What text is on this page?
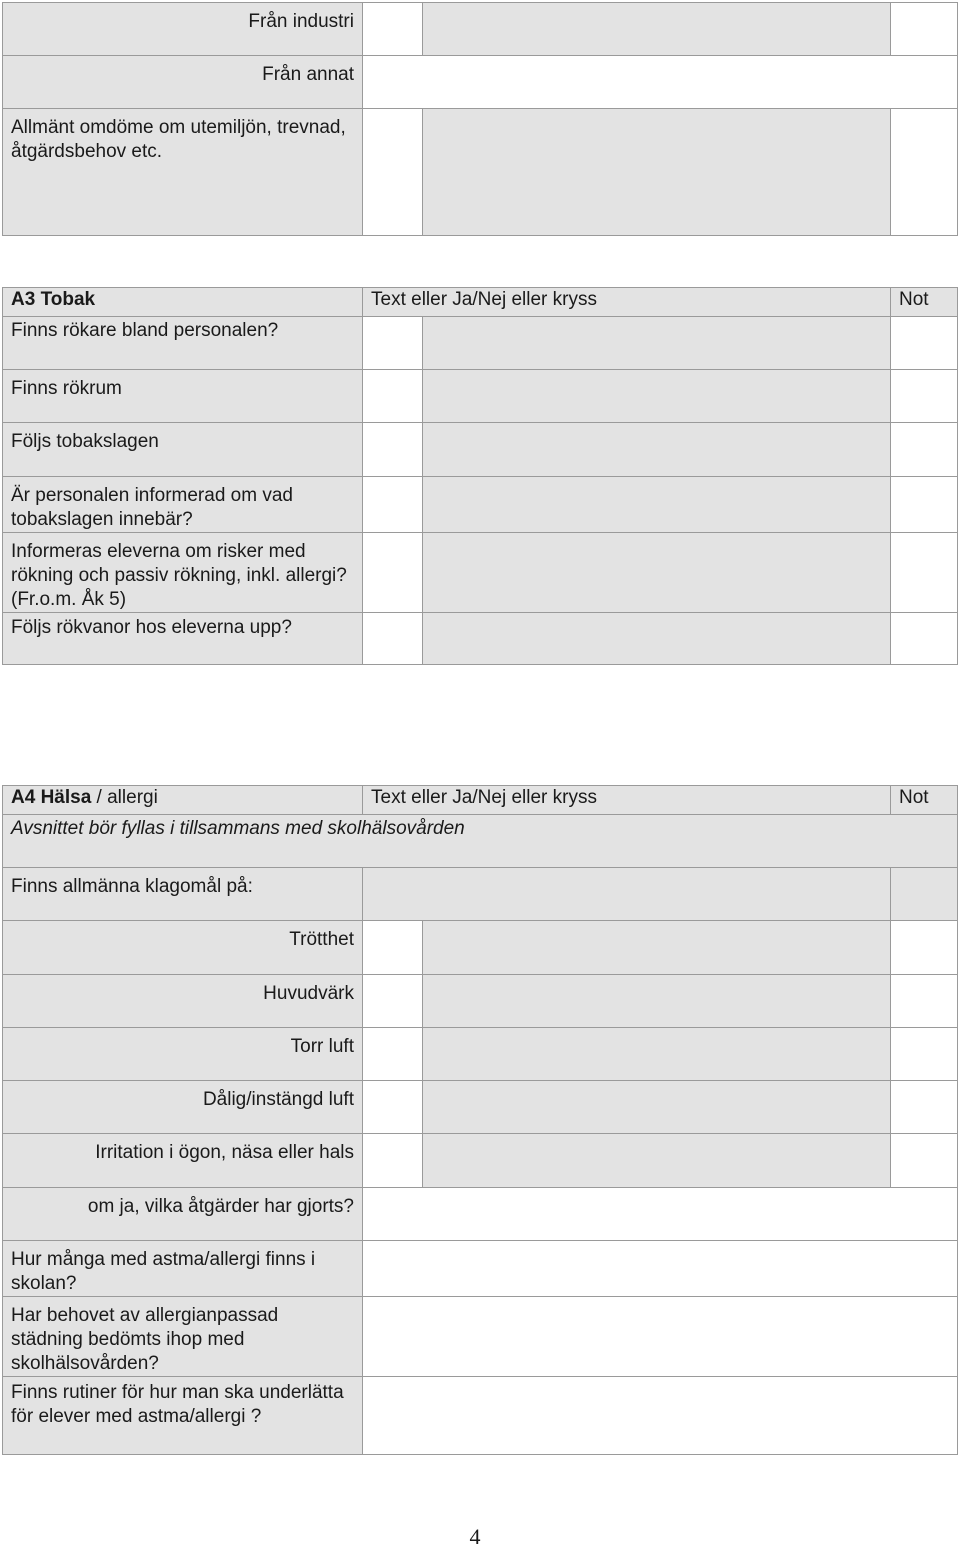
Från industri			
Från annat			
Allmänt omdöme om utemiljön, trevnad, åtgärdsbehov etc.			
A3 Tobak	Text eller Ja/Nej eller kryss		Not
Finns rökare bland personalen?			
Finns rökrum			
Följs tobakslagen			
Är personalen informerad om vad tobakslagen innebär?			
Informeras eleverna om risker med rökning och passiv rökning, inkl. allergi? (Fr.o.m. Åk 5)			
Följs rökvanor hos eleverna upp?			
A4 Hälsa / allergi	Text eller Ja/Nej eller kryss		Not
Avsnittet bör fyllas i tillsammans med skolhälsovården			
Finns allmänna klagomål på:			
Trötthet			
Huvudvärk			
Torr luft			
Dålig/instängd luft			
Irritation i ögon, näsa eller hals			
om ja, vilka åtgärder har gjorts?			
Hur många med astma/allergi finns i skolan?			
Har behovet av allergianpassad städning bedömts ihop med skolhälsovården?			
Finns rutiner för hur man ska underlätta för elever med astma/allergi ?			
4
